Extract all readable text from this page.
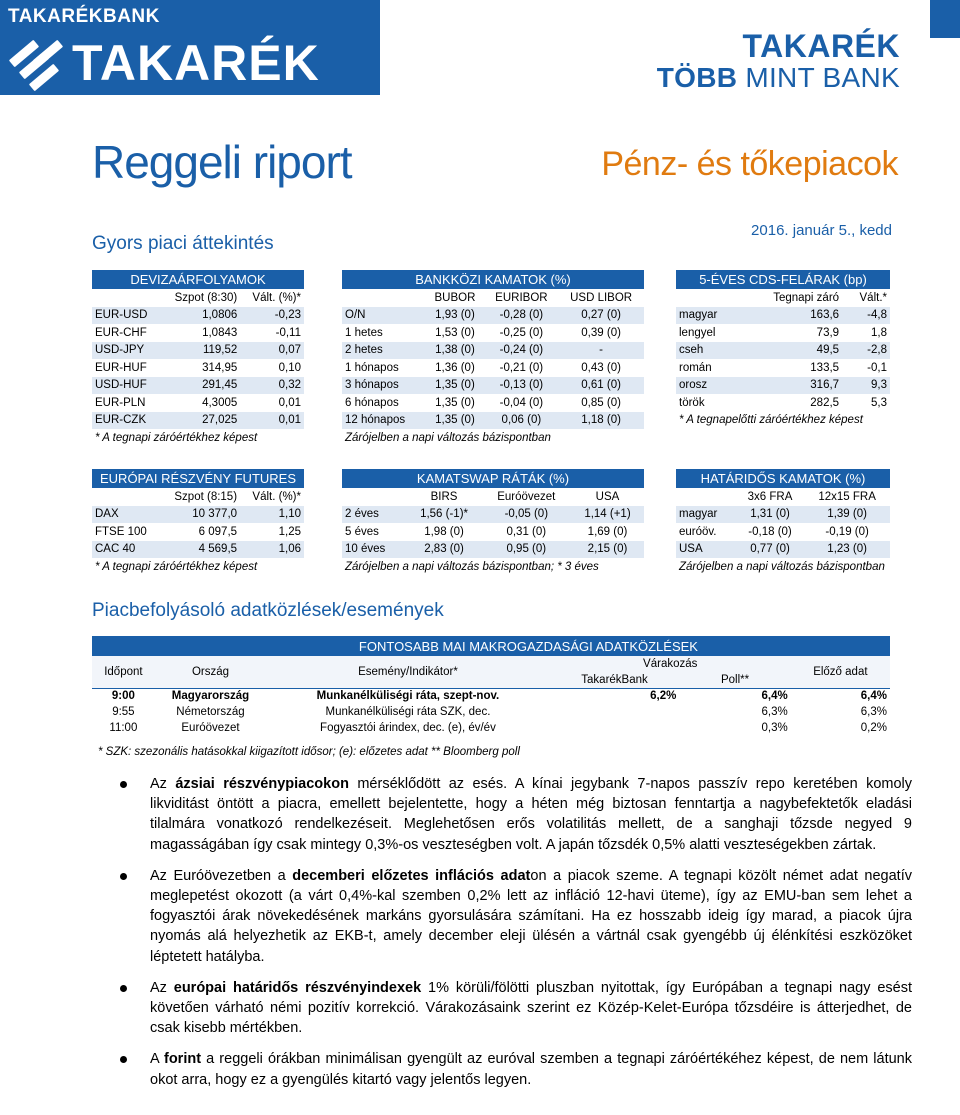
TAKARÉKBANK
TAKARÉK	TAKARÉK
TÖBB MINT BANK
Reggeli riport	Pénz- és tőkepiacok
Gyors piaci áttekintés
2016. január 5., kedd
DEVIZAÁRFOLYAMOK		
	Szpot (8:30)	Vált. (%)*
EUR-USD	1,0806	-0,23
EUR-CHF	1,0843	-0,11
USD-JPY	119,52	0,07
EUR-HUF	314,95	0,10
USD-HUF	291,45	0,32
EUR-PLN	4,3005	0,01
EUR-CZK	27,025	0,01
* A tegnapi záróértékhez képest		
BANKKÖZI KAMATOK (%)			
	BUBOR	EURIBOR	USD LIBOR
O/N	1,93 (0)	-0,28 (0)	0,27 (0)
1 hetes	1,53 (0)	-0,25 (0)	0,39 (0)
2 hetes	1,38 (0)	-0,24 (0)	-
1 hónapos	1,36 (0)	-0,21 (0)	0,43 (0)
3 hónapos	1,35 (0)	-0,13 (0)	0,61 (0)
6 hónapos	1,35 (0)	-0,04 (0)	0,85 (0)
12 hónapos	1,35 (0)	0,06 (0)	1,18 (0)
Zárójelben a napi változás bázispontban			
5-ÉVES CDS-FELÁRAK (bp)		
	Tegnapi záró	Vált.*
magyar	163,6	-4,8
lengyel	73,9	1,8
cseh	49,5	-2,8
román	133,5	-0,1
orosz	316,7	9,3
török	282,5	5,3
* A tegnapelőtti záróértékhez képest		
EURÓPAI RÉSZVÉNY FUTURES		
	Szpot (8:15)	Vált. (%)*
DAX	10 377,0	1,10
FTSE 100	6 097,5	1,25
CAC 40	4 569,5	1,06
* A tegnapi záróértékhez képest		
KAMATSWAP RÁTÁK (%)			
	BIRS	Euróövezet	USA
2 éves	1,56 (-1)*	-0,05 (0)	1,14 (+1)
5 éves	1,98 (0)	0,31 (0)	1,69 (0)
10 éves	2,83 (0)	0,95 (0)	2,15 (0)
Zárójelben a napi változás bázispontban; * 3 éves			
HATÁRIDŐS KAMATOK (%)		
	3x6 FRA	12x15 FRA
magyar	1,31 (0)	1,39 (0)
euróöv.	-0,18 (0)	-0,19 (0)
USA	0,77 (0)	1,23 (0)
Zárójelben a napi változás bázispontban		
Piacbefolyásoló adatközlések/események
		FONTOSABB MAI MAKROGAZDASÁGI ADATKÖZLÉSEK			
Időpont	Ország	Esemény/Indikátor*	Várakozás		Előző adat
			TakarékBank	Poll**	
9:00	Magyarország	Munkanélküliségi ráta, szept-nov.	6,2%	6,4%		6,4%
9:55	Németország	Munkanélküliségi ráta SZK, dec.		6,3%		6,3%
11:00	Euróövezet	Fogyasztói árindex, dec. (e), év/év		0,3%		0,2%
* SZK: szezonális hatásokkal kiigazított idősor; (e): előzetes adat ** Bloomberg poll
Az ázsiai részvénypiacokon mérséklődött az esés. A kínai jegybank 7-napos passzív repo keretében komoly likviditást öntött a piacra, emellett bejelentette, hogy a héten még biztosan fenntartja a nagybefektetők eladási tilalmára vonatkozó rendelkezéseit. Meglehetősen erős volatilitás mellett, de a sanghaji tőzsde negyed 9 magasságában így csak mintegy 0,3%-os veszteségben volt. A japán tőzsdék 0,5% alatti veszteségekben zártak.
Az Euróövezetben a decemberi előzetes inflációs adaton a piacok szeme. A tegnapi közölt német adat negatív meglepetést okozott (a várt 0,4%-kal szemben 0,2% lett az infláció 12-havi üteme), így az EMU-ban sem lehet a fogyasztói árak növekedésének markáns gyorsulására számítani. Ha ez hosszabb ideig így marad, a piacok újra nyomás alá helyezhetik az EKB-t, amely december eleji ülésén a vártnál csak gyengébb új élénkítési eszközöket léptetett hatályba.
Az európai határidős részvényindexek 1% körüli/fölötti pluszban nyitottak, így Európában a tegnapi nagy esést követően várható némi pozitív korrekció. Várakozásaink szerint ez Közép-Kelet-Európa tőzsdéire is átterjedhet, de csak kisebb mértékben.
A forint a reggeli órákban minimálisan gyengült az euróval szemben a tegnapi záróértékéhez képest, de nem látunk okot arra, hogy ez a gyengülés kitartó vagy jelentős legyen.
